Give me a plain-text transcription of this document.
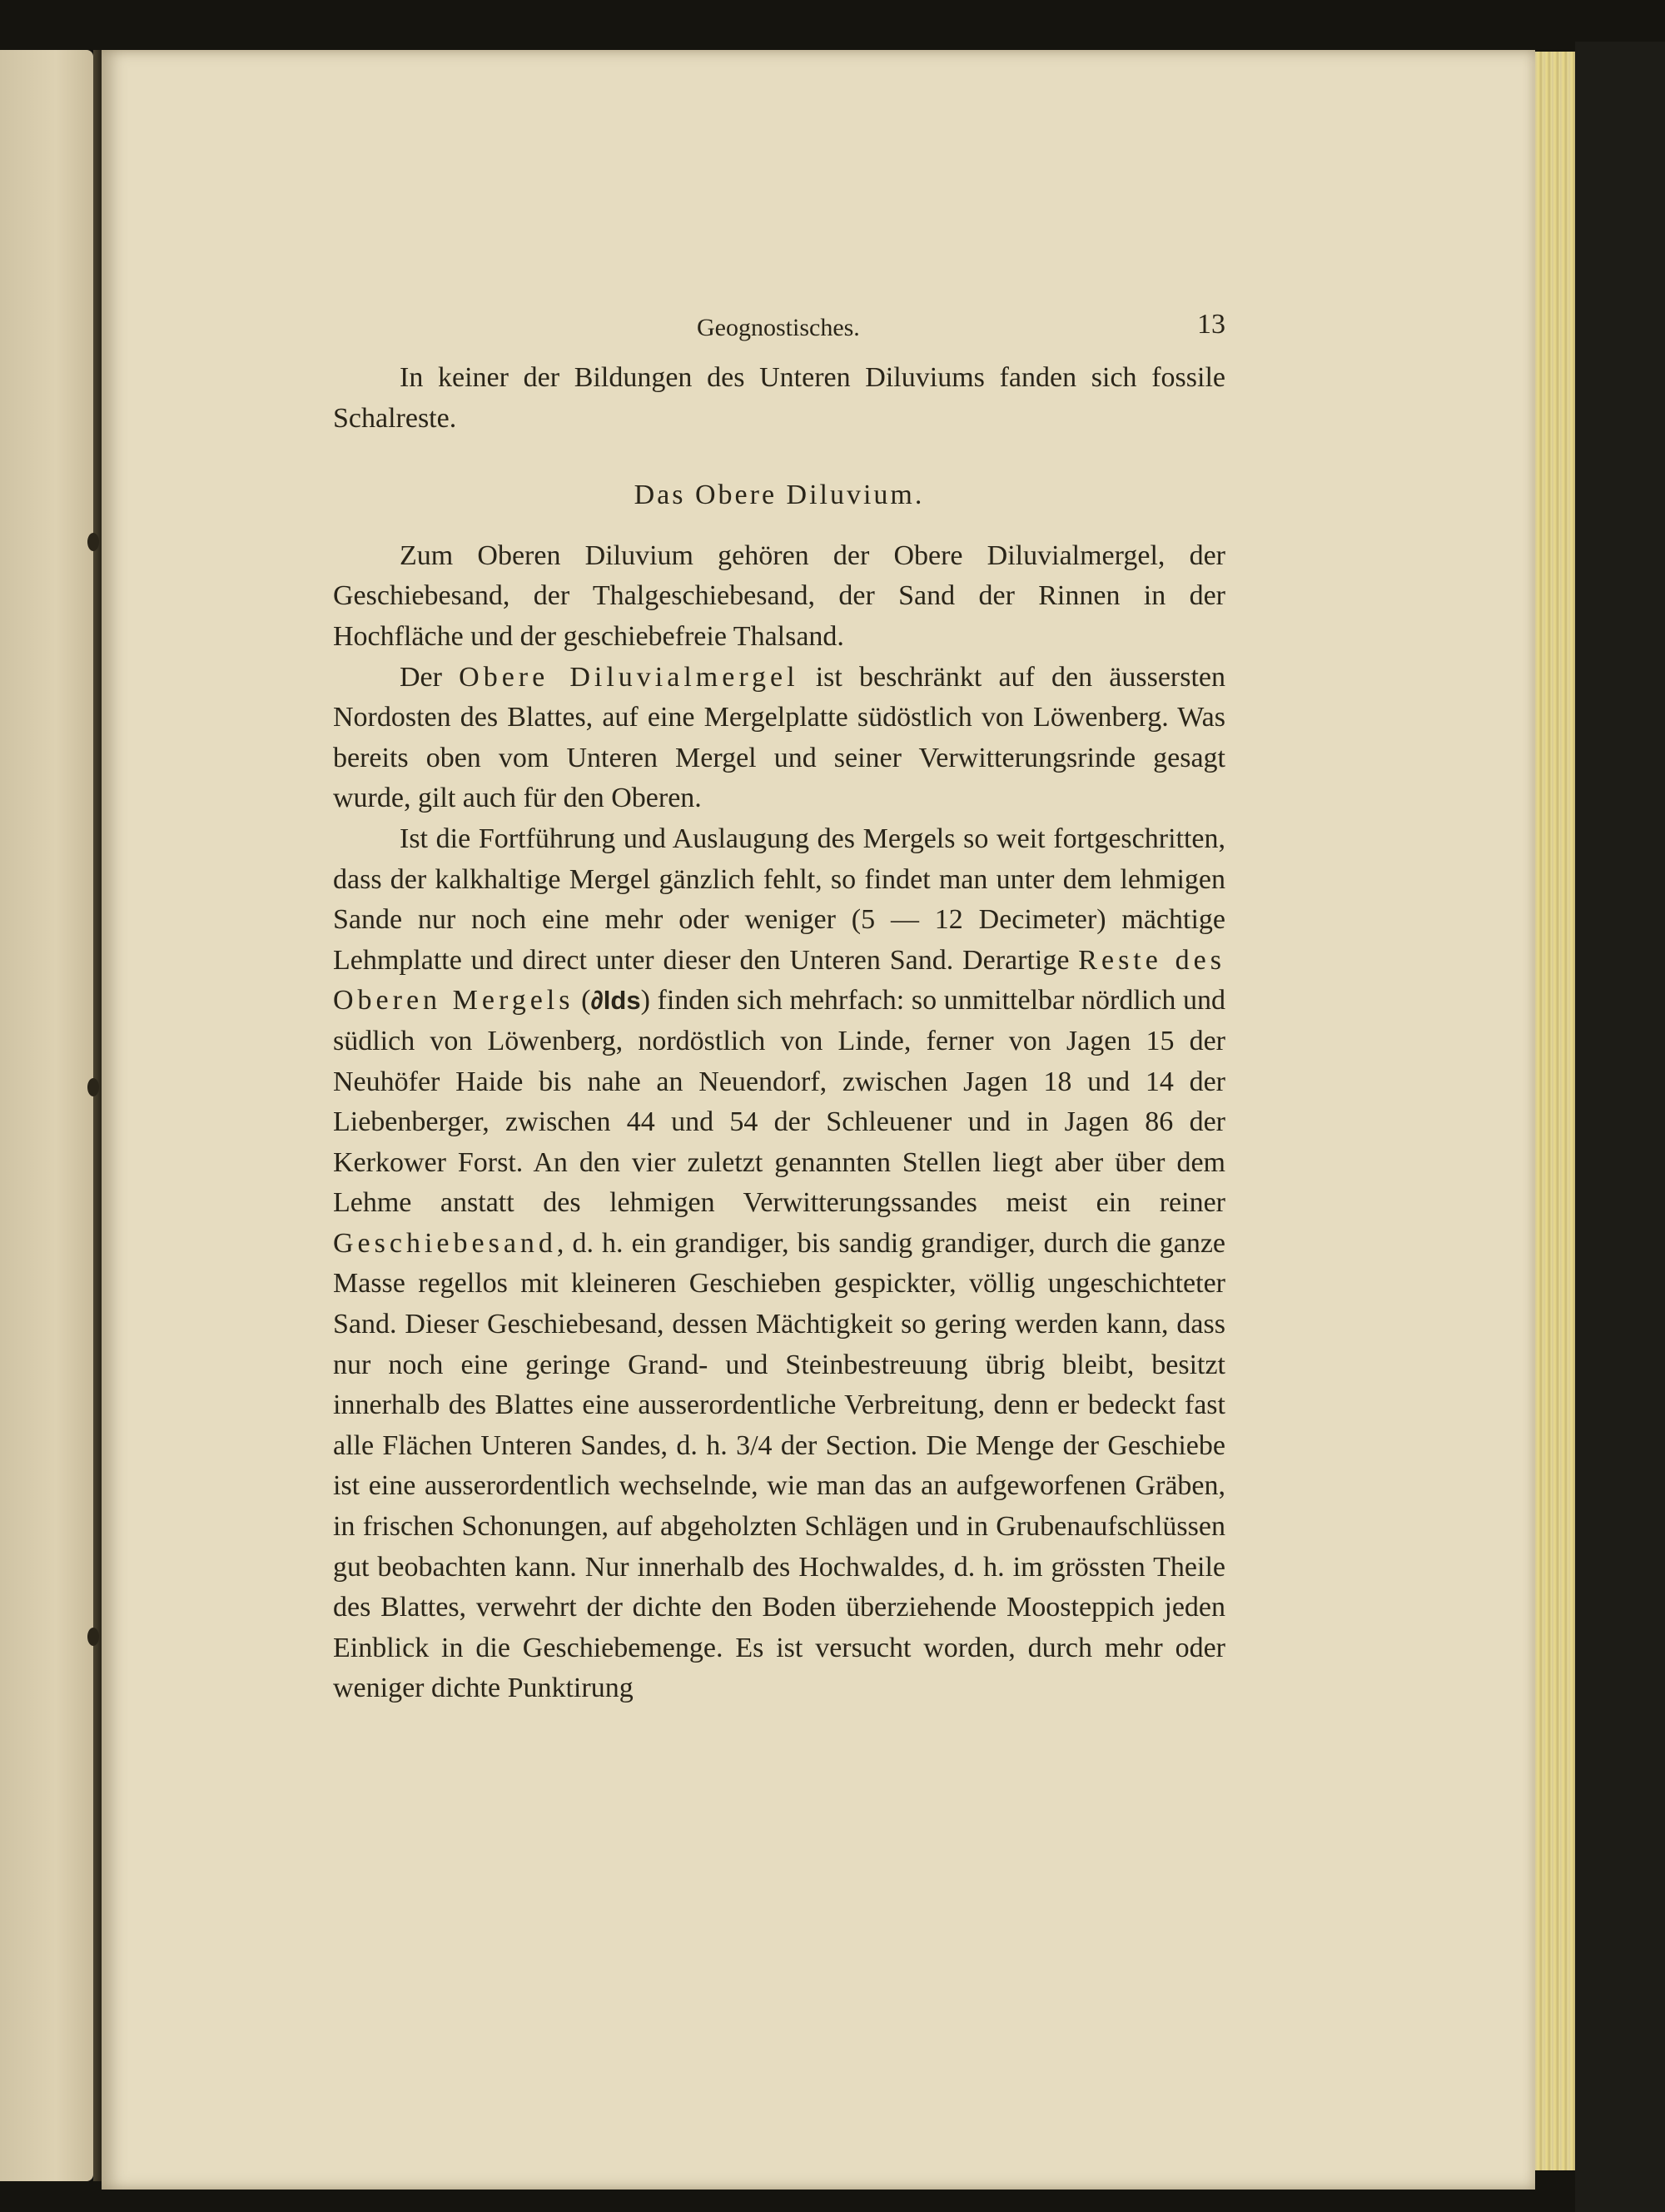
Geognostisches.	13

In keiner der Bildungen des Unteren Diluviums fanden sich fossile Schalreste.

Das Obere Diluvium.

Zum Oberen Diluvium gehören der Obere Diluvialmergel, der Geschiebesand, der Thalgeschiebesand, der Sand der Rinnen in der Hochfläche und der geschiebefreie Thalsand.

Der Obere Diluvialmergel ist beschränkt auf den äussersten Nordosten des Blattes, auf eine Mergelplatte südöstlich von Löwenberg. Was bereits oben vom Unteren Mergel und seiner Verwitterungsrinde gesagt wurde, gilt auch für den Oberen.

Ist die Fortführung und Auslaugung des Mergels so weit fortgeschritten, dass der kalkhaltige Mergel gänzlich fehlt, so findet man unter dem lehmigen Sande nur noch eine mehr oder weniger (5 — 12 Decimeter) mächtige Lehmplatte und direct unter dieser den Unteren Sand. Derartige Reste des Oberen Mergels (∂lds) finden sich mehrfach: so unmittelbar nördlich und südlich von Löwenberg, nordöstlich von Linde, ferner von Jagen 15 der Neuhöfer Haide bis nahe an Neuendorf, zwischen Jagen 18 und 14 der Liebenberger, zwischen 44 und 54 der Schleuener und in Jagen 86 der Kerkower Forst. An den vier zuletzt genannten Stellen liegt aber über dem Lehme anstatt des lehmigen Verwitterungssandes meist ein reiner Geschiebesand, d. h. ein grandiger, bis sandig grandiger, durch die ganze Masse regellos mit kleineren Geschieben gespickter, völlig ungeschichteter Sand. Dieser Geschiebesand, dessen Mächtigkeit so gering werden kann, dass nur noch eine geringe Grand- und Steinbestreuung übrig bleibt, besitzt innerhalb des Blattes eine ausserordentliche Verbreitung, denn er bedeckt fast alle Flächen Unteren Sandes, d. h. 3/4 der Section. Die Menge der Geschiebe ist eine ausserordentlich wechselnde, wie man das an aufgeworfenen Gräben, in frischen Schonungen, auf abgeholzten Schlägen und in Grubenaufschlüssen gut beobachten kann. Nur innerhalb des Hochwaldes, d. h. im grössten Theile des Blattes, verwehrt der dichte den Boden überziehende Moosteppich jeden Einblick in die Geschiebemenge. Es ist versucht worden, durch mehr oder weniger dichte Punktirung
